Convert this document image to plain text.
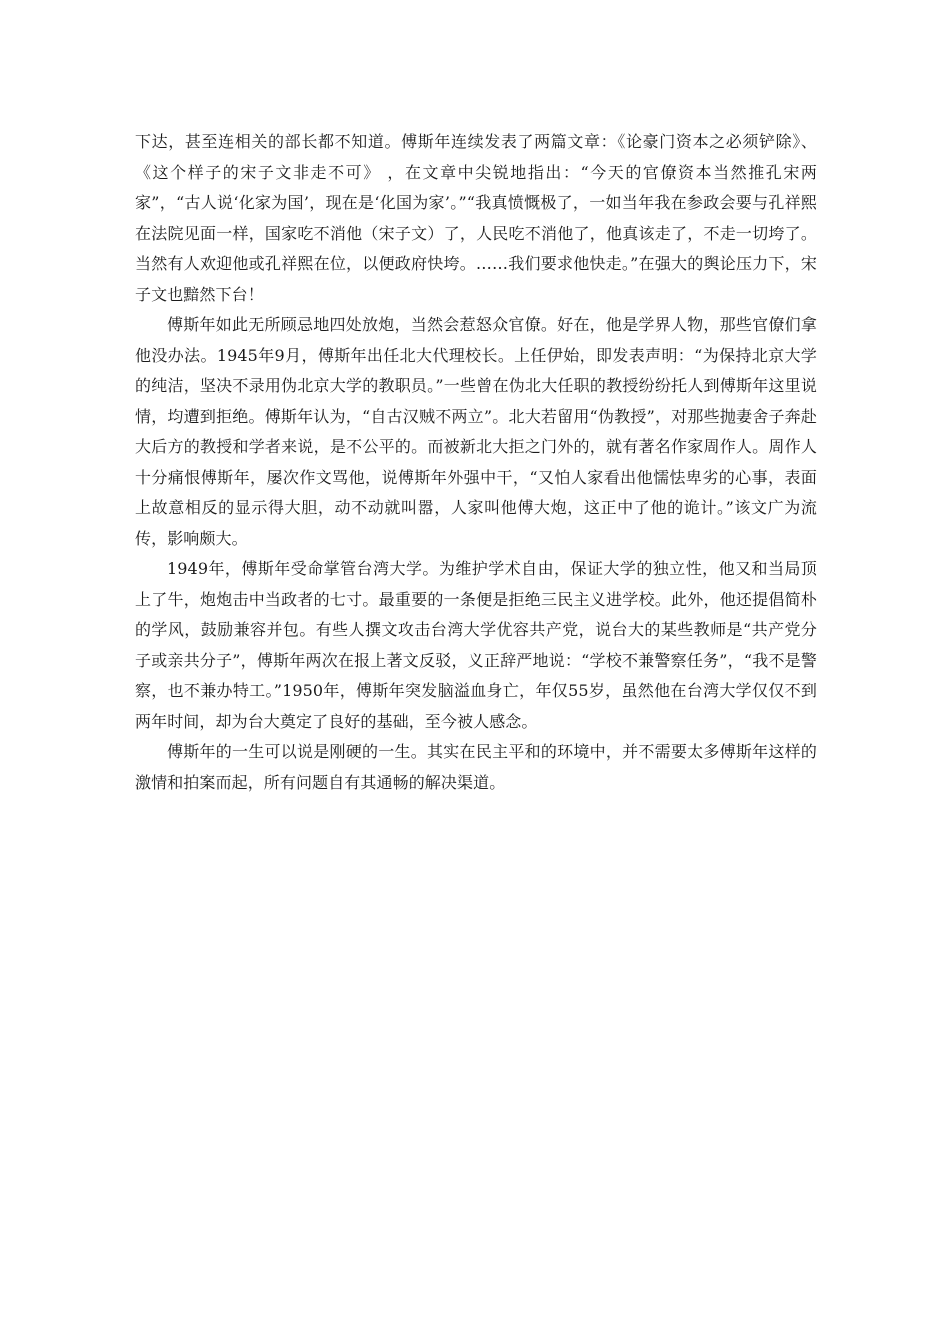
下达，甚至连相关的部长都不知道。傅斯年连续发表了两篇文章：《论豪门资本之必须铲除》、《这个样子的宋子文非走不可》 ，在文章中尖锐地指出：“今天的官僚资本当然推孔宋两家”，“古人说‘化家为国’，现在是‘化国为家’。”“我真愤慨极了，一如当年我在参政会要与孔祥熙在法院见面一样，国家吃不消他（宋子文）了，人民吃不消他了，他真该走了，不走一切垮了。当然有人欢迎他或孔祥熙在位，以便政府快垮。……我们要求他快走。”在强大的舆论压力下，宋子文也黯然下台！

傅斯年如此无所顾忌地四处放炮，当然会惹怒众官僚。好在，他是学界人物，那些官僚们拿他没办法。1945年9月，傅斯年出任北大代理校长。上任伊始，即发表声明：“为保持北京大学的纯洁，坚决不录用伪北京大学的教职员。”一些曾在伪北大任职的教授纷纷托人到傅斯年这里说情，均遭到拒绝。傅斯年认为，“自古汉贼不两立”。北大若留用“伪教授”，对那些抛妻舍子奔赴大后方的教授和学者来说，是不公平的。而被新北大拒之门外的，就有著名作家周作人。周作人十分痛恨傅斯年，屡次作文骂他，说傅斯年外强中干，“又怕人家看出他懦怯卑劣的心事，表面上故意相反的显示得大胆，动不动就叫嚣，人家叫他傅大炮，这正中了他的诡计。”该文广为流传，影响颇大。

1949年，傅斯年受命掌管台湾大学。为维护学术自由，保证大学的独立性，他又和当局顶上了牛，炮炮击中当政者的七寸。最重要的一条便是拒绝三民主义进学校。此外，他还提倡简朴的学风，鼓励兼容并包。有些人撰文攻击台湾大学优容共产党，说台大的某些教师是“共产党分子或亲共分子”，傅斯年两次在报上著文反驳，义正辞严地说：“学校不兼警察任务”，“我不是警察，也不兼办特工。”1950年，傅斯年突发脑溢血身亡，年仅55岁，虽然他在台湾大学仅仅不到两年时间，却为台大奠定了良好的基础，至今被人感念。

傅斯年的一生可以说是刚硬的一生。其实在民主平和的环境中，并不需要太多傅斯年这样的激情和拍案而起，所有问题自有其通畅的解决渠道。
